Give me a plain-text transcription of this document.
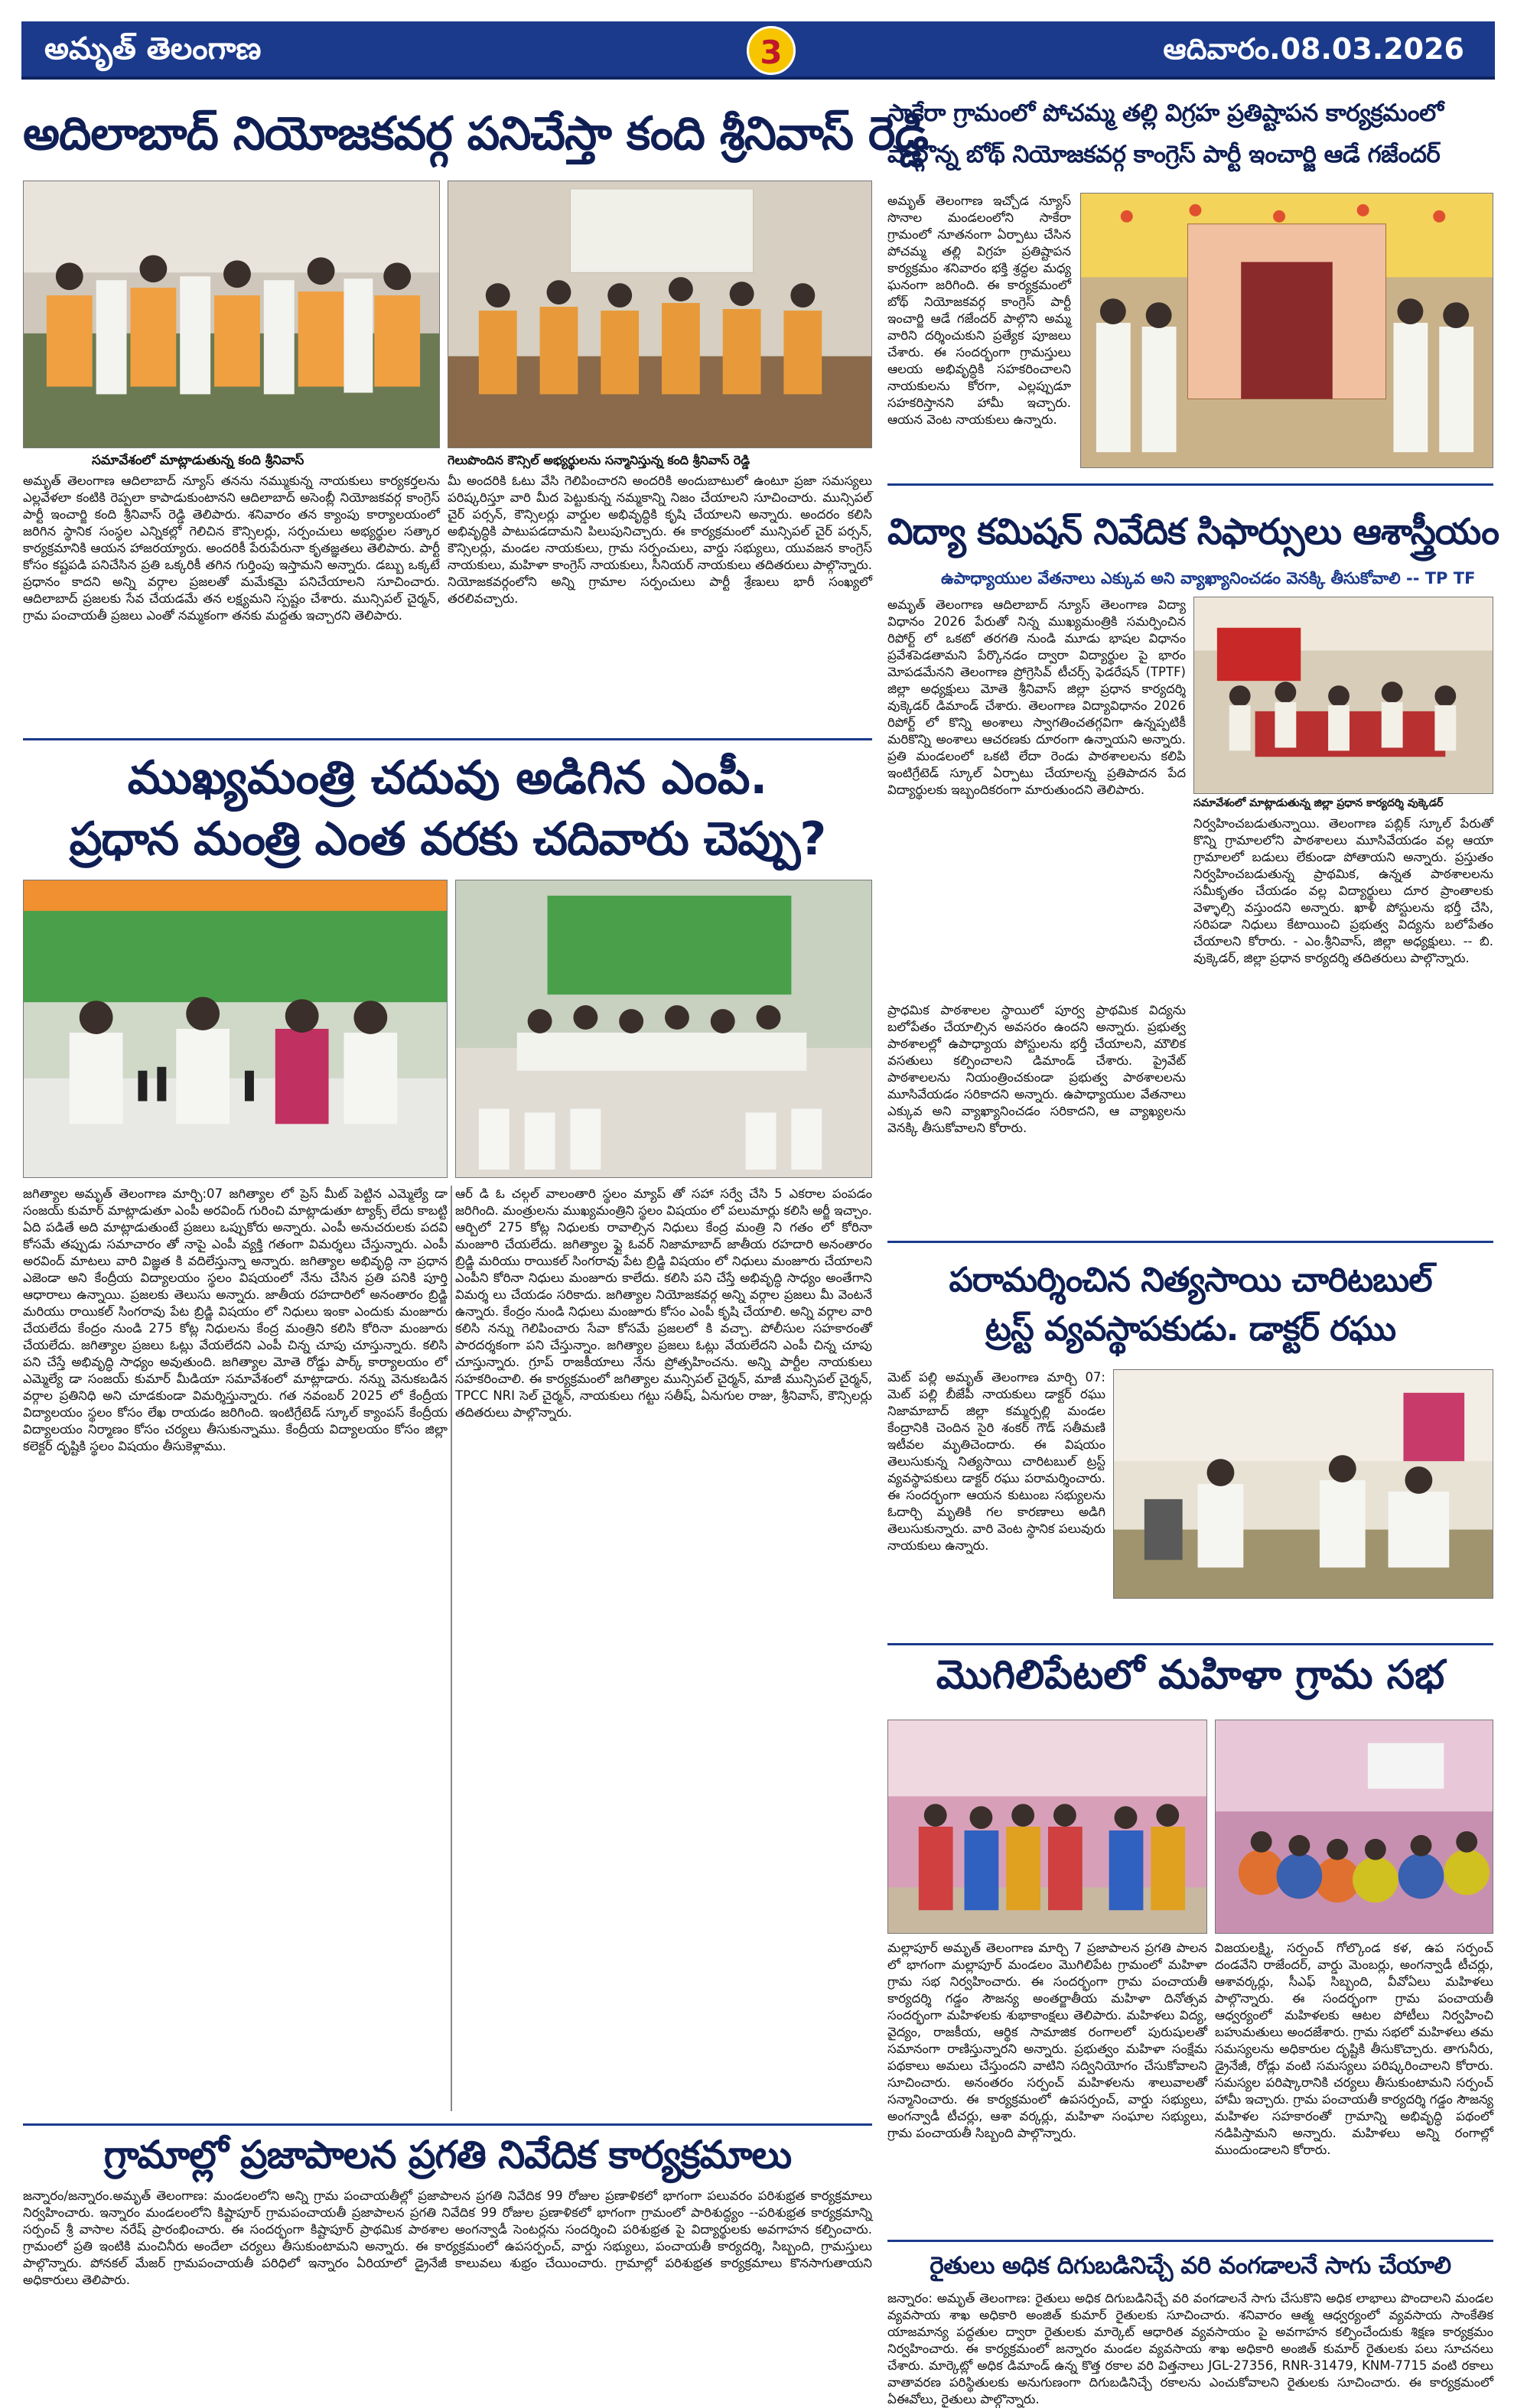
అమృత్ తెలంగాణ	3	ఆదివారం.08.03.2026
అదిలాబాద్ నియోజకవర్గ పనిచేస్తా కంది శ్రీనివాస్ రెడ్డి
సమావేశంలో మాట్లాడుతున్న కంది శ్రీనివాస్	గెలుపొందిన కౌన్సిల్ అభ్యర్థులను సన్మానిస్తున్న కంది శ్రీనివాస్ రెడ్డి
అమృత్ తెలంగాణ ఆదిలాబాద్ న్యూస్ తనను నమ్ముకున్న నాయకులు కార్యకర్తలను ఎల్లవేళలా కంటికి రెప్పలా కాపాడుకుంటానని ఆదిలాబాద్ అసెంబ్లీ నియోజకవర్గ కాంగ్రెస్ పార్టీ ఇంచార్జి కంది శ్రీనివాస్ రెడ్డి తెలిపారు. శనివారం తన క్యాంపు కార్యాలయంలో జరిగిన స్థానిక సంస్థల ఎన్నికల్లో గెలిచిన కౌన్సిలర్లు, సర్పంచులు అభ్యర్థుల సత్కార కార్యక్రమానికి ఆయన హాజరయ్యారు. అందరికీ పేరుపేరునా కృతజ్ఞతలు తెలిపారు. పార్టీ కోసం కష్టపడి పనిచేసిన ప్రతి ఒక్కరికీ తగిన గుర్తింపు ఇస్తామని అన్నారు. డబ్బు ఒక్కటే ప్రధానం కాదని అన్ని వర్గాల ప్రజలతో మమేకమై పనిచేయాలని సూచించారు. ఆదిలాబాద్ ప్రజలకు సేవ చేయడమే తన లక్ష్యమని స్పష్టం చేశారు. మున్సిపల్ చైర్మన్, గ్రామ పంచాయతీ ప్రజలు ఎంతో నమ్మకంగా తనకు మద్దతు ఇచ్చారని తెలిపారు.
మీ అందరికి ఓటు వేసి గెలిపించారని అందరికి అందుబాటులో ఉంటూ ప్రజా సమస్యలు పరిష్కరిస్తూ వారి మీద పెట్టుకున్న నమ్మకాన్ని నిజం చేయాలని సూచించారు. మున్సిపల్ చైర్ పర్సన్, కౌన్సిలర్లు వార్డుల అభివృద్ధికి కృషి చేయాలని అన్నారు. అందరం కలిసి అభివృద్ధికి పాటుపడదామని పిలుపునిచ్చారు. ఈ కార్యక్రమంలో మున్సిపల్ చైర్ పర్సన్, కౌన్సిలర్లు, మండల నాయకులు, గ్రామ సర్పంచులు, వార్డు సభ్యులు, యువజన కాంగ్రెస్ నాయకులు, మహిళా కాంగ్రెస్ నాయకులు, సీనియర్ నాయకులు తదితరులు పాల్గొన్నారు. నియోజకవర్గంలోని అన్ని గ్రామాల సర్పంచులు పార్టీ శ్రేణులు భారీ సంఖ్యలో తరలివచ్చారు.
సాకేరా గ్రామంలో పోచమ్మ తల్లి విగ్రహ ప్రతిష్టాపన కార్యక్రమంలో
పాల్గొన్న బోథ్ నియోజకవర్గ కాంగ్రెస్ పార్టీ ఇంచార్జి ఆడే గజేందర్
అమృత్ తెలంగాణ ఇచ్చోడ న్యూస్ సొనాల మండలంలోని సాకేరా గ్రామంలో నూతనంగా ఏర్పాటు చేసిన పోచమ్మ తల్లి విగ్రహ ప్రతిష్టాపన కార్యక్రమం శనివారం భక్తి శ్రద్ధల మధ్య ఘనంగా జరిగింది. ఈ కార్యక్రమంలో బోథ్ నియోజకవర్గ కాంగ్రెస్ పార్టీ ఇంచార్జి ఆడే గజేందర్ పాల్గొని అమ్మ వారిని దర్శించుకుని ప్రత్యేక పూజలు చేశారు. ఈ సందర్భంగా గ్రామస్తులు ఆలయ అభివృద్ధికి సహకరించాలని నాయకులను కోరగా, ఎల్లప్పుడూ సహకరిస్తానని హామీ ఇచ్చారు. ఆయన వెంట నాయకులు ఉన్నారు.
విద్యా కమిషన్ నివేదిక సిఫార్సులు ఆశాస్త్రీయం
ఉపాధ్యాయుల వేతనాలు ఎక్కువ అని వ్యాఖ్యానించడం వెనక్కి తీసుకోవాలి -- TP TF
అమృత్ తెలంగాణ ఆదిలాబాద్ న్యూస్ తెలంగాణ విద్యా విధానం 2026 పేరుతో నిన్న ముఖ్యమంత్రికి సమర్పించిన రిపోర్ట్ లో ఒకటో తరగతి నుండి మూడు భాషల విధానం ప్రవేశపెడతామని పేర్కొనడం ద్వారా విద్యార్థుల పై భారం మోపడమేనని తెలంగాణ ప్రోగ్రెసివ్ టీచర్స్ ఫెడరేషన్ (TPTF) జిల్లా అధ్యక్షులు మోతె శ్రీనివాస్ జిల్లా ప్రధాన కార్యదర్శి వుక్కెడర్ డిమాండ్ చేశారు. తెలంగాణ విద్యావిధానం 2026 రిపోర్ట్ లో కొన్ని అంశాలు స్వాగతించతగ్గవిగా ఉన్నప్పటికీ మరికొన్ని అంశాలు ఆచరణకు దూరంగా ఉన్నాయని అన్నారు. ప్రతి మండలంలో ఒకటి లేదా రెండు పాఠశాలలను కలిపి ఇంటిగ్రేటెడ్ స్కూల్ ఏర్పాటు చేయాలన్న ప్రతిపాదన పేద విద్యార్థులకు ఇబ్బందికరంగా మారుతుందని తెలిపారు.
సమావేశంలో మాట్లాడుతున్న జిల్లా ప్రధాన కార్యదర్శి వుక్కెడర్
ప్రాధమిక పాఠశాలల స్థాయిలో పూర్వ ప్రాథమిక విద్యను బలోపేతం చేయాల్సిన అవసరం ఉందని అన్నారు. ప్రభుత్వ పాఠశాలల్లో ఉపాధ్యాయ పోస్టులను భర్తీ చేయాలని, మౌలిక వసతులు కల్పించాలని డిమాండ్ చేశారు. ప్రైవేట్ పాఠశాలలను నియంత్రించకుండా ప్రభుత్వ పాఠశాలలను మూసివేయడం సరికాదని అన్నారు. ఉపాధ్యాయుల వేతనాలు ఎక్కువ అని వ్యాఖ్యానించడం సరికాదని, ఆ వ్యాఖ్యలను వెనక్కి తీసుకోవాలని కోరారు.
నిర్వహించబడుతున్నాయి. తెలంగాణ పబ్లిక్ స్కూల్ పేరుతో కొన్ని గ్రామాలలోని పాఠశాలలు మూసివేయడం వల్ల ఆయా గ్రామాలలో బడులు లేకుండా పోతాయని అన్నారు. ప్రస్తుతం నిర్వహించబడుతున్న ప్రాథమిక, ఉన్నత పాఠశాలలను సమీకృతం చేయడం వల్ల విద్యార్థులు దూర ప్రాంతాలకు వెళ్ళాల్సి వస్తుందని అన్నారు. ఖాళీ పోస్టులను భర్తీ చేసి, సరిపడా నిధులు కేటాయించి ప్రభుత్వ విద్యను బలోపేతం చేయాలని కోరారు. - ఎం.శ్రీనివాస్, జిల్లా అధ్యక్షులు. -- బి. వుక్కెడర్, జిల్లా ప్రధాన కార్యదర్శి తదితరులు పాల్గొన్నారు.
ముఖ్యమంత్రి చదువు అడిగిన ఎంపీ.
ప్రధాన మంత్రి ఎంత వరకు చదివారు చెప్పు?
జగిత్యాల అమృత్ తెలంగాణ మార్చి:07 జగిత్యాల లో ప్రెస్ మీట్ పెట్టిన ఎమ్మెల్యే డా సంజయ్ కుమార్ మాట్లాడుతూ ఎంపీ అరవింద్ గురించి మాట్లాడుతూ ట్యాక్స్ లేదు కాబట్టి ఏది పడితే అది మాట్లాడుతుంటే ప్రజలు ఒప్పుకోరు అన్నారు. ఎంపీ అనుచరులకు పదవి కోసమే తప్పుడు సమాచారం తో నాపై ఎంపీ వ్యక్తి గతంగా విమర్శలు చేస్తున్నారు. ఎంపీ అరవింద్ మాటలు వారి విజ్ఞత కి వదిలేస్తున్నా అన్నారు. జగిత్యాల అభివృద్ధి నా ప్రధాన ఎజెండా అని కేంద్రీయ విద్యాలయం స్థలం విషయంలో నేను చేసిన ప్రతి పనికి పూర్తి ఆధారాలు ఉన్నాయి. ప్రజలకు తెలుసు అన్నారు. జాతీయ రహదారిలో అనంతారం బ్రిడ్జి మరియు రాయికల్ సింగరావు పేట బ్రిడ్జి విషయం లో నిధులు ఇంకా ఎందుకు మంజూరు చేయలేదు కేంద్రం నుండి 275 కోట్ల నిధులను కేంద్ర మంత్రిని కలిసి కోరినా మంజూరు చేయలేదు. జగిత్యాల ప్రజలు ఓట్లు వేయలేదని ఎంపీ చిన్న చూపు చూస్తున్నారు. కలిసి పని చేస్తే అభివృద్ధి సాధ్యం అవుతుంది. జగిత్యాల మోతె రోడ్డు పార్క్ కార్యాలయం లో ఎమ్మెల్యే డా సంజయ్ కుమార్ మీడియా సమావేశంలో మాట్లాడారు. నన్ను వెనుకబడిన వర్గాల ప్రతినిధి అని చూడకుండా విమర్శిస్తున్నారు. గత నవంబర్ 2025 లో కేంద్రీయ విద్యాలయం స్థలం కోసం లేఖ రాయడం జరిగింది. ఇంటిగ్రేటెడ్ స్కూల్ క్యాంపస్ కేంద్రీయ విద్యాలయం నిర్మాణం కోసం చర్యలు తీసుకున్నాము. కేంద్రీయ విద్యాలయం కోసం జిల్లా కలెక్టర్ దృష్టికి స్థలం విషయం తీసుకెళ్లాము.
ఆర్ డి ఓ చల్గల్ వాలంతారి స్థలం మ్యాప్ తో సహా సర్వే చేసి 5 ఎకరాల పంపడం జరిగింది. మంత్రులను ముఖ్యమంత్రిని స్థలం విషయం లో పలుమార్లు కలిసి అర్జీ ఇచ్చాం. ఆర్బిలో 275 కోట్ల నిధులకు రావాల్సిన నిధులు కేంద్ర మంత్రి ని గతం లో కోరినా మంజూరి చేయలేదు. జగిత్యాల ఫ్లై ఓవర్ నిజామాబాద్ జాతీయ రహదారి అనంతారం బ్రిడ్జి మరియు రాయికల్ సింగరావు పేట బ్రిడ్జి విషయం లో నిధులు మంజూరు చేయాలని ఎంపీని కోరినా నిధులు మంజూరు కాలేదు. కలిసి పని చేస్తే అభివృద్ధి సాధ్యం అంతేగాని విమర్శ లు చేయడం సరికాదు. జగిత్యాల నియోజకవర్గ అన్ని వర్గాల ప్రజలు మీ వెంటనే ఉన్నారు. కేంద్రం నుండి నిధులు మంజూరు కోసం ఎంపీ కృషి చేయాలి. అన్ని వర్గాల వారి కలిసి నన్ను గెలిపించారు సేవా కోసమే ప్రజలలో కి వచ్చా. పోలీసుల సహకారంతో పారదర్శకంగా పని చేస్తున్నాం. జగిత్యాల ప్రజలు ఓట్లు వేయలేదని ఎంపీ చిన్న చూపు చూస్తున్నారు. గ్రూప్ రాజకీయాలు నేను ప్రోత్సహించను. అన్ని పార్టీల నాయకులు సహకరించాలి. ఈ కార్యక్రమంలో జగిత్యాల మున్సిపల్ చైర్మన్, మాజీ మున్సిపల్ చైర్మన్, TPCC NRI సెల్ చైర్మన్, నాయకులు గట్టు సతీష్, ఏనుగుల రాజు, శ్రీనివాస్, కౌన్సిలర్లు తదితరులు పాల్గొన్నారు.
పరామర్శించిన నిత్యసాయి చారిటబుల్
ట్రస్ట్ వ్యవస్థాపకుడు. డాక్టర్ రఘు
మెట్ పల్లి అమృత్ తెలంగాణ మార్చి 07: మెట్ పల్లి బీజేపీ నాయకులు డాక్టర్ రఘు నిజామాబాద్ జిల్లా కమ్మర్పల్లి మండల కేంద్రానికి చెందిన సైరి శంకర్ గౌడ్ సతీమణి ఇటీవల మృతిచెందారు. ఈ విషయం తెలుసుకున్న నిత్యసాయి చారిటబుల్ ట్రస్ట్ వ్యవస్థాపకులు డాక్టర్ రఘు పరామర్శించారు. ఈ సందర్భంగా ఆయన కుటుంబ సభ్యులను ఓదార్చి మృతికి గల కారణాలు అడిగి తెలుసుకున్నారు. వారి వెంట స్థానిక పలువురు నాయకులు ఉన్నారు.
మొగిలిపేటలో మహిళా గ్రామ సభ
మల్లాపూర్ అమృత్ తెలంగాణ మార్చి 7 ప్రజాపాలన ప్రగతి పాలన లో భాగంగా మల్లాపూర్ మండలం మొగిలిపేట గ్రామంలో మహిళా గ్రామ సభ నిర్వహించారు. ఈ సందర్భంగా గ్రామ పంచాయతీ కార్యదర్శి గడ్డం సౌజన్య అంతర్జాతీయ మహిళా దినోత్సవ సందర్భంగా మహిళలకు శుభాకాంక్షలు తెలిపారు. మహిళలు విద్య, వైద్యం, రాజకీయ, ఆర్థిక సామాజిక రంగాలలో పురుషులతో సమానంగా రాణిస్తున్నారని అన్నారు. ప్రభుత్వం మహిళా సంక్షేమ పథకాలు అమలు చేస్తుందని వాటిని సద్వినియోగం చేసుకోవాలని సూచించారు. అనంతరం సర్పంచ్ మహిళలను శాలువాలతో సన్మానించారు. ఈ కార్యక్రమంలో ఉపసర్పంచ్, వార్డు సభ్యులు, అంగన్వాడీ టీచర్లు, ఆశా వర్కర్లు, మహిళా సంఘాల సభ్యులు, గ్రామ పంచాయతీ సిబ్బంది పాల్గొన్నారు.
విజయలక్ష్మి, సర్పంచ్ గోల్కొండ కళ, ఉప సర్పంచ్ దండవేని రాజేందర్, వార్డు మెంబర్లు, అంగన్వాడీ టీచర్లు, ఆశావర్కర్లు, సీఎఫ్ సిబ్బంది, వీవోఏలు మహిళలు పాల్గొన్నారు. ఈ సందర్భంగా గ్రామ పంచాయతీ ఆధ్వర్యంలో మహిళలకు ఆటల పోటీలు నిర్వహించి బహుమతులు అందజేశారు. గ్రామ సభలో మహిళలు తమ సమస్యలను అధికారుల దృష్టికి తీసుకొచ్చారు. తాగునీరు, డ్రైనేజీ, రోడ్లు వంటి సమస్యలు పరిష్కరించాలని కోరారు. సమస్యల పరిష్కారానికి చర్యలు తీసుకుంటామని సర్పంచ్ హామీ ఇచ్చారు. గ్రామ పంచాయతీ కార్యదర్శి గడ్డం సౌజన్య మహిళల సహకారంతో గ్రామాన్ని అభివృద్ధి పథంలో నడిపిస్తామని అన్నారు. మహిళలు అన్ని రంగాల్లో ముందుండాలని కోరారు.
గ్రామాల్లో ప్రజాపాలన ప్రగతి నివేదిక కార్యక్రమాలు
జన్నారం/జన్నారం.అమృత్ తెలంగాణ: మండలంలోని అన్ని గ్రామ పంచాయతీల్లో ప్రజాపాలన ప్రగతి నివేదిక 99 రోజుల ప్రణాళికలో భాగంగా పలువరం పరిశుభ్రత కార్యక్రమాలు నిర్వహించారు. ఇన్నారం మండలంలోని కిష్టాపూర్ గ్రామపంచాయతీ ప్రజాపాలన ప్రగతి నివేదిక 99 రోజుల ప్రణాళికలో భాగంగా గ్రామంలో పారిశుద్ధ్యం --పరిశుభ్రత కార్యక్రమాన్ని సర్పంచ్ శ్రీ వాసాల నరేష్ ప్రారంభించారు. ఈ సందర్భంగా కిష్టాపూర్ ప్రాథమిక పాఠశాల అంగన్వాడీ సెంటర్లను సందర్శించి పరిశుభ్రత పై విద్యార్థులకు అవగాహన కల్పించారు. గ్రామంలో ప్రతి ఇంటికి మంచినీరు అందేలా చర్యలు తీసుకుంటామని అన్నారు. ఈ కార్యక్రమంలో ఉపసర్పంచ్, వార్డు సభ్యులు, పంచాయతీ కార్యదర్శి, సిబ్బంది, గ్రామస్తులు పాల్గొన్నారు. పోనకల్ మేజర్ గ్రామపంచాయతీ పరిధిలో ఇన్నారం ఏరియాలో డ్రైనేజీ కాలువలు శుభ్రం చేయించారు. గ్రామాల్లో పరిశుభ్రత కార్యక్రమాలు కొనసాగుతాయని అధికారులు తెలిపారు.
రైతులు అధిక దిగుబడినిచ్చే వరి వంగడాలనే సాగు చేయాలి
జన్నారం: అమృత్ తెలంగాణ: రైతులు అధిక దిగుబడినిచ్చే వరి వంగడాలనే సాగు చేసుకొని అధిక లాభాలు పొందాలని మండల వ్యవసాయ శాఖ అధికారి అంజిత్ కుమార్ రైతులకు సూచించారు. శనివారం ఆత్మ ఆధ్వర్యంలో వ్యవసాయ సాంకేతిక యాజమాన్య పద్ధతుల ద్వారా రైతులకు మార్కెట్ ఆధారిత వ్యవసాయం పై అవగాహన కల్పించేందుకు శిక్షణ కార్యక్రమం నిర్వహించారు. ఈ కార్యక్రమంలో జన్నారం మండల వ్యవసాయ శాఖ అధికారి అంజిత్ కుమార్ రైతులకు పలు సూచనలు చేశారు. మార్కెట్లో అధిక డిమాండ్ ఉన్న కొత్త రకాల వరి విత్తనాలు JGL-27356, RNR-31479, KNM-7715 వంటి రకాలు వాతావరణ పరిస్థితులకు అనుగుణంగా దిగుబడినిచ్చే రకాలను ఎంచుకోవాలని రైతులకు సూచించారు. ఈ కార్యక్రమంలో ఏఈవోలు, రైతులు పాల్గొన్నారు.
